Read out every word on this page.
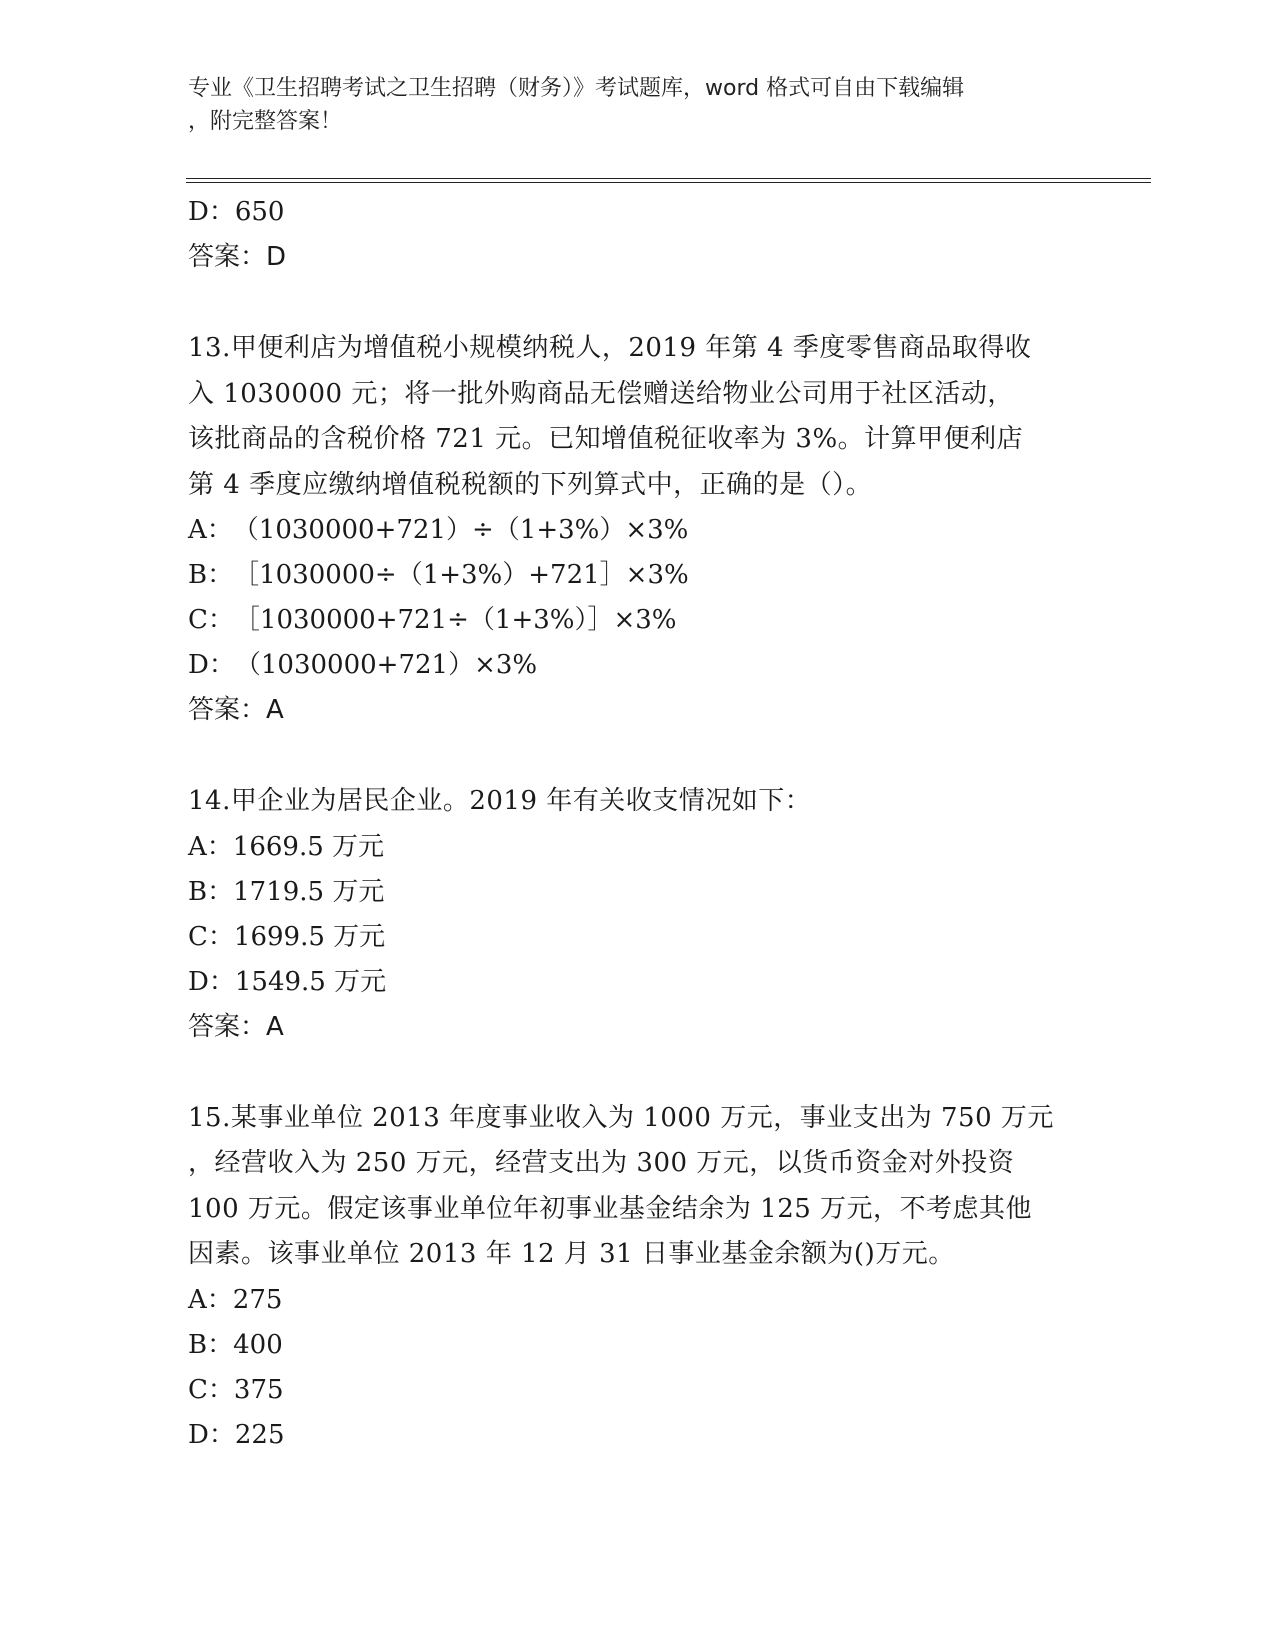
专业《卫生招聘考试之卫生招聘（财务）》考试题库，word 格式可自由下载编辑

，附完整答案！

D：650
答案：D

13.甲便利店为增值税小规模纳税人，2019 年第 4 季度零售商品取得收

入 1030000 元；将一批外购商品无偿赠送给物业公司用于社区活动，

该批商品的含税价格 721 元。已知增值税征收率为 3%。计算甲便利店

第 4 季度应缴纳增值税税额的下列算式中，正确的是（）。

A：（1030000+721）÷（1+3%）×3%
B：［1030000÷（1+3%）+721］×3%
C：［1030000+721÷（1+3%）］×3%
D：（1030000+721）×3%
答案：A

14.甲企业为居民企业。2019 年有关收支情况如下：

A：1669.5 万元
B：1719.5 万元
C：1699.5 万元
D：1549.5 万元
答案：A

15.某事业单位 2013 年度事业收入为 1000 万元，事业支出为 750 万元

，经营收入为 250 万元，经营支出为 300 万元，以货币资金对外投资

100 万元。假定该事业单位年初事业基金结余为 125 万元，不考虑其他

因素。该事业单位 2013 年 12 月 31 日事业基金余额为()万元。

A：275
B：400
C：375
D：225
